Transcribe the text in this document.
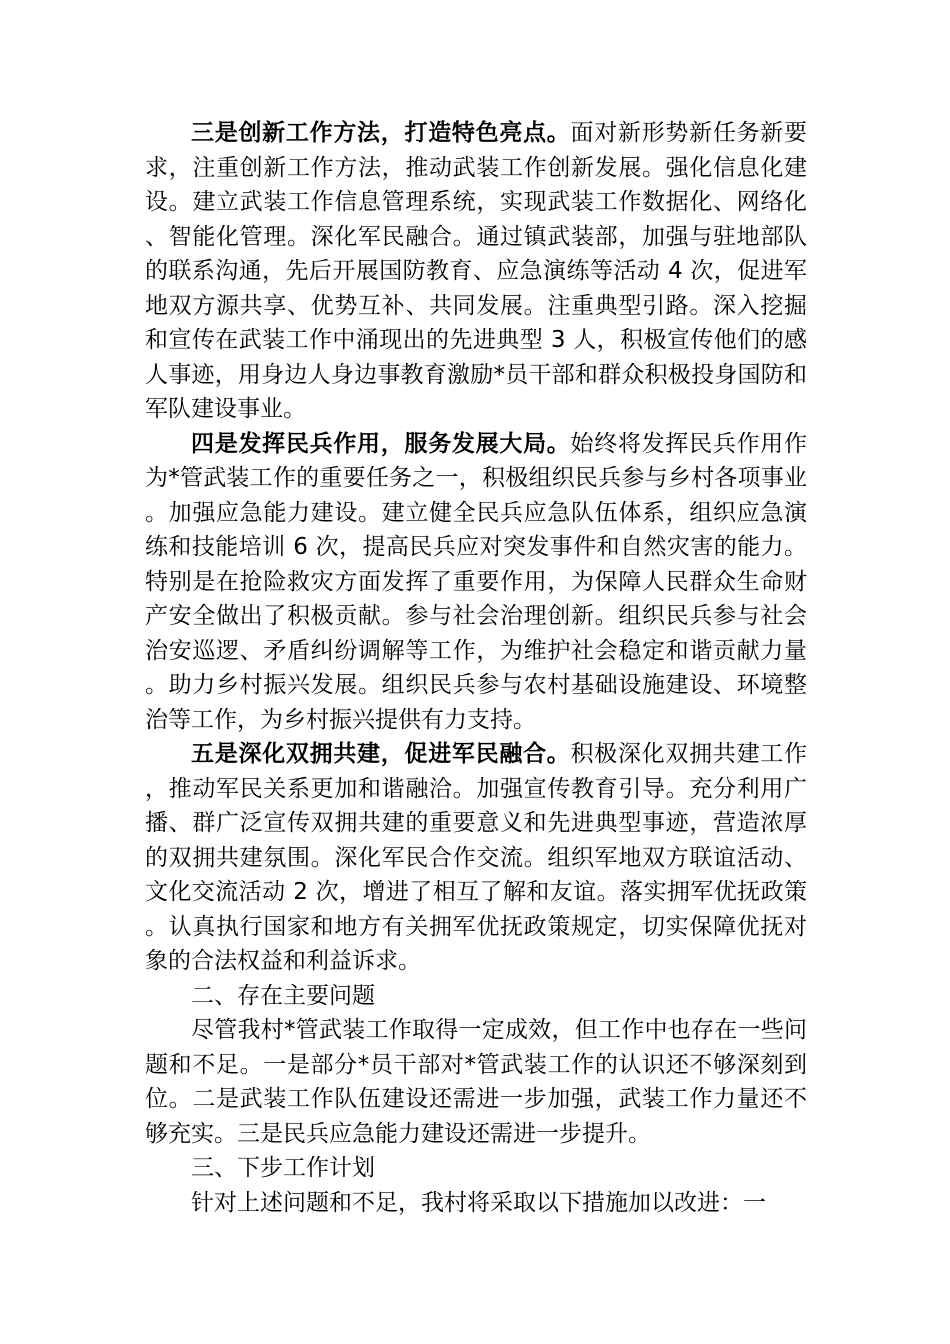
三是创新工作方法，打造特色亮点。面对新形势新任务新要求，注重创新工作方法，推动武装工作创新发展。强化信息化建设。建立武装工作信息管理系统，实现武装工作数据化、网络化、智能化管理。深化军民融合。通过镇武装部，加强与驻地部队的联系沟通，先后开展国防教育、应急演练等活动 4 次，促进军地双方源共享、优势互补、共同发展。注重典型引路。深入挖掘和宣传在武装工作中涌现出的先进典型 3 人，积极宣传他们的感人事迹，用身边人身边事教育激励*员干部和群众积极投身国防和军队建设事业。

四是发挥民兵作用，服务发展大局。始终将发挥民兵作用作为*管武装工作的重要任务之一，积极组织民兵参与乡村各项事业。加强应急能力建设。建立健全民兵应急队伍体系，组织应急演练和技能培训 6 次，提高民兵应对突发事件和自然灾害的能力。特别是在抢险救灾方面发挥了重要作用，为保障人民群众生命财产安全做出了积极贡献。参与社会治理创新。组织民兵参与社会治安巡逻、矛盾纠纷调解等工作，为维护社会稳定和谐贡献力量。助力乡村振兴发展。组织民兵参与农村基础设施建设、环境整治等工作，为乡村振兴提供有力支持。

五是深化双拥共建，促进军民融合。积极深化双拥共建工作，推动军民关系更加和谐融洽。加强宣传教育引导。充分利用广播、群广泛宣传双拥共建的重要意义和先进典型事迹，营造浓厚的双拥共建氛围。深化军民合作交流。组织军地双方联谊活动、文化交流活动 2 次，增进了相互了解和友谊。落实拥军优抚政策。认真执行国家和地方有关拥军优抚政策规定，切实保障优抚对象的合法权益和利益诉求。

二、存在主要问题

尽管我村*管武装工作取得一定成效，但工作中也存在一些问题和不足。一是部分*员干部对*管武装工作的认识还不够深刻到位。二是武装工作队伍建设还需进一步加强，武装工作力量还不够充实。三是民兵应急能力建设还需进一步提升。

三、下步工作计划

针对上述问题和不足，我村将采取以下措施加以改进：一
